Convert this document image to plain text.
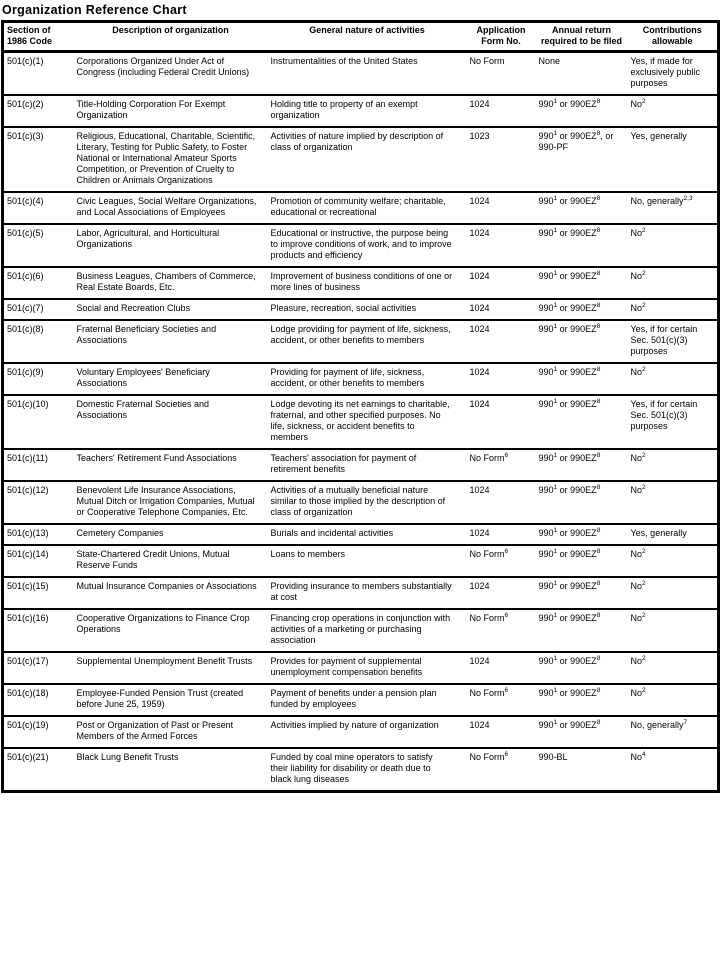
Organization Reference Chart
Section of 1986 Code	Description of organization	General nature of activities	Application Form No.	Annual return required to be filed	Contributions allowable
501(c)(1)	Corporations Organized Under Act of Congress (including Federal Credit Unions)	Instrumentalities of the United States	No Form	None	Yes, if made for exclusively public purposes
501(c)(2)	Title-Holding Corporation For Exempt Organization	Holding title to property of an exempt organization	1024	$990^1$ or $990EZ^8$	No$^2$
501(c)(3)	Religious, Educational, Charitable, Scientific, Literary, Testing for Public Safety, to Foster National or International Amateur Sports Competition, or Prevention of Cruelty to Children or Animals Organizations	Activities of nature implied by description of class of organization	1023	$990^1$ or $990EZ^8$, or 990-PF	Yes, generally
501(c)(4)	Civic Leagues, Social Welfare Organizations, and Local Associations of Employees	Promotion of community welfare; charitable, educational or recreational	1024	$990^1$ or $990EZ^8$	No, generally$^{2,3}$
501(c)(5)	Labor, Agricultural, and Horticultural Organizations	Educational or instructive, the purpose being to improve conditions of work, and to improve products and efficiency	1024	$990^1$ or $990EZ^8$	No$^2$
501(c)(6)	Business Leagues, Chambers of Commerce, Real Estate Boards, Etc.	Improvement of business conditions of one or more lines of business	1024	$990^1$ or $990EZ^8$	No$^2$
501(c)(7)	Social and Recreation Clubs	Pleasure, recreation, social activities	1024	$990^1$ or $990EZ^8$	No$^2$
501(c)(8)	Fraternal Beneficiary Societies and Associations	Lodge providing for payment of life, sickness, accident, or other benefits to members	1024	$990^1$ or $990EZ^8$	Yes, if for certain Sec. 501(c)(3) purposes
501(c)(9)	Voluntary Employees' Beneficiary Associations	Providing for payment of life, sickness, accident, or other benefits to members	1024	$990^1$ or $990EZ^8$	No$^2$
501(c)(10)	Domestic Fraternal Societies and Associations	Lodge devoting its net earnings to charitable, fraternal, and other specified purposes. No life, sickness, or accident benefits to members	1024	$990^1$ or $990EZ^8$	Yes, if for certain Sec. 501(c)(3) purposes
501(c)(11)	Teachers' Retirement Fund Associations	Teachers' association for payment of retirement benefits	No Form$^6$	$990^1$ or $990EZ^8$	No$^2$
501(c)(12)	Benevolent Life Insurance Associations, Mutual Ditch or Irrigation Companies, Mutual or Cooperative Telephone Companies, Etc.	Activities of a mutually beneficial nature similar to those implied by the description of class of organization	1024	$990^1$ or $990EZ^8$	No$^2$
501(c)(13)	Cemetery Companies	Burials and incidental activities	1024	$990^1$ or $990EZ^8$	Yes, generally
501(c)(14)	State-Chartered Credit Unions, Mutual Reserve Funds	Loans to members	No Form$^6$	$990^1$ or $990EZ^8$	No$^2$
501(c)(15)	Mutual Insurance Companies or Associations	Providing insurance to members substantially at cost	1024	$990^1$ or $990EZ^8$	No$^2$
501(c)(16)	Cooperative Organizations to Finance Crop Operations	Financing crop operations in conjunction with activities of a marketing or purchasing association	No Form$^6$	$990^1$ or $990EZ^8$	No$^2$
501(c)(17)	Supplemental Unemployment Benefit Trusts	Provides for payment of supplemental unemployment compensation benefits	1024	$990^1$ or $990EZ^8$	No$^2$
501(c)(18)	Employee-Funded Pension Trust (created before June 25, 1959)	Payment of benefits under a pension plan funded by employees	No Form$^6$	$990^1$ or $990EZ^8$	No$^2$
501(c)(19)	Post or Organization of Past or Present Members of the Armed Forces	Activities implied by nature of organization	1024	$990^1$ or $990EZ^8$	No, generally$^7$
501(c)(21)	Black Lung Benefit Trusts	Funded by coal mine operators to satisfy their liability for disability or death due to black lung diseases	No Form$^6$	990-BL	No$^4$
